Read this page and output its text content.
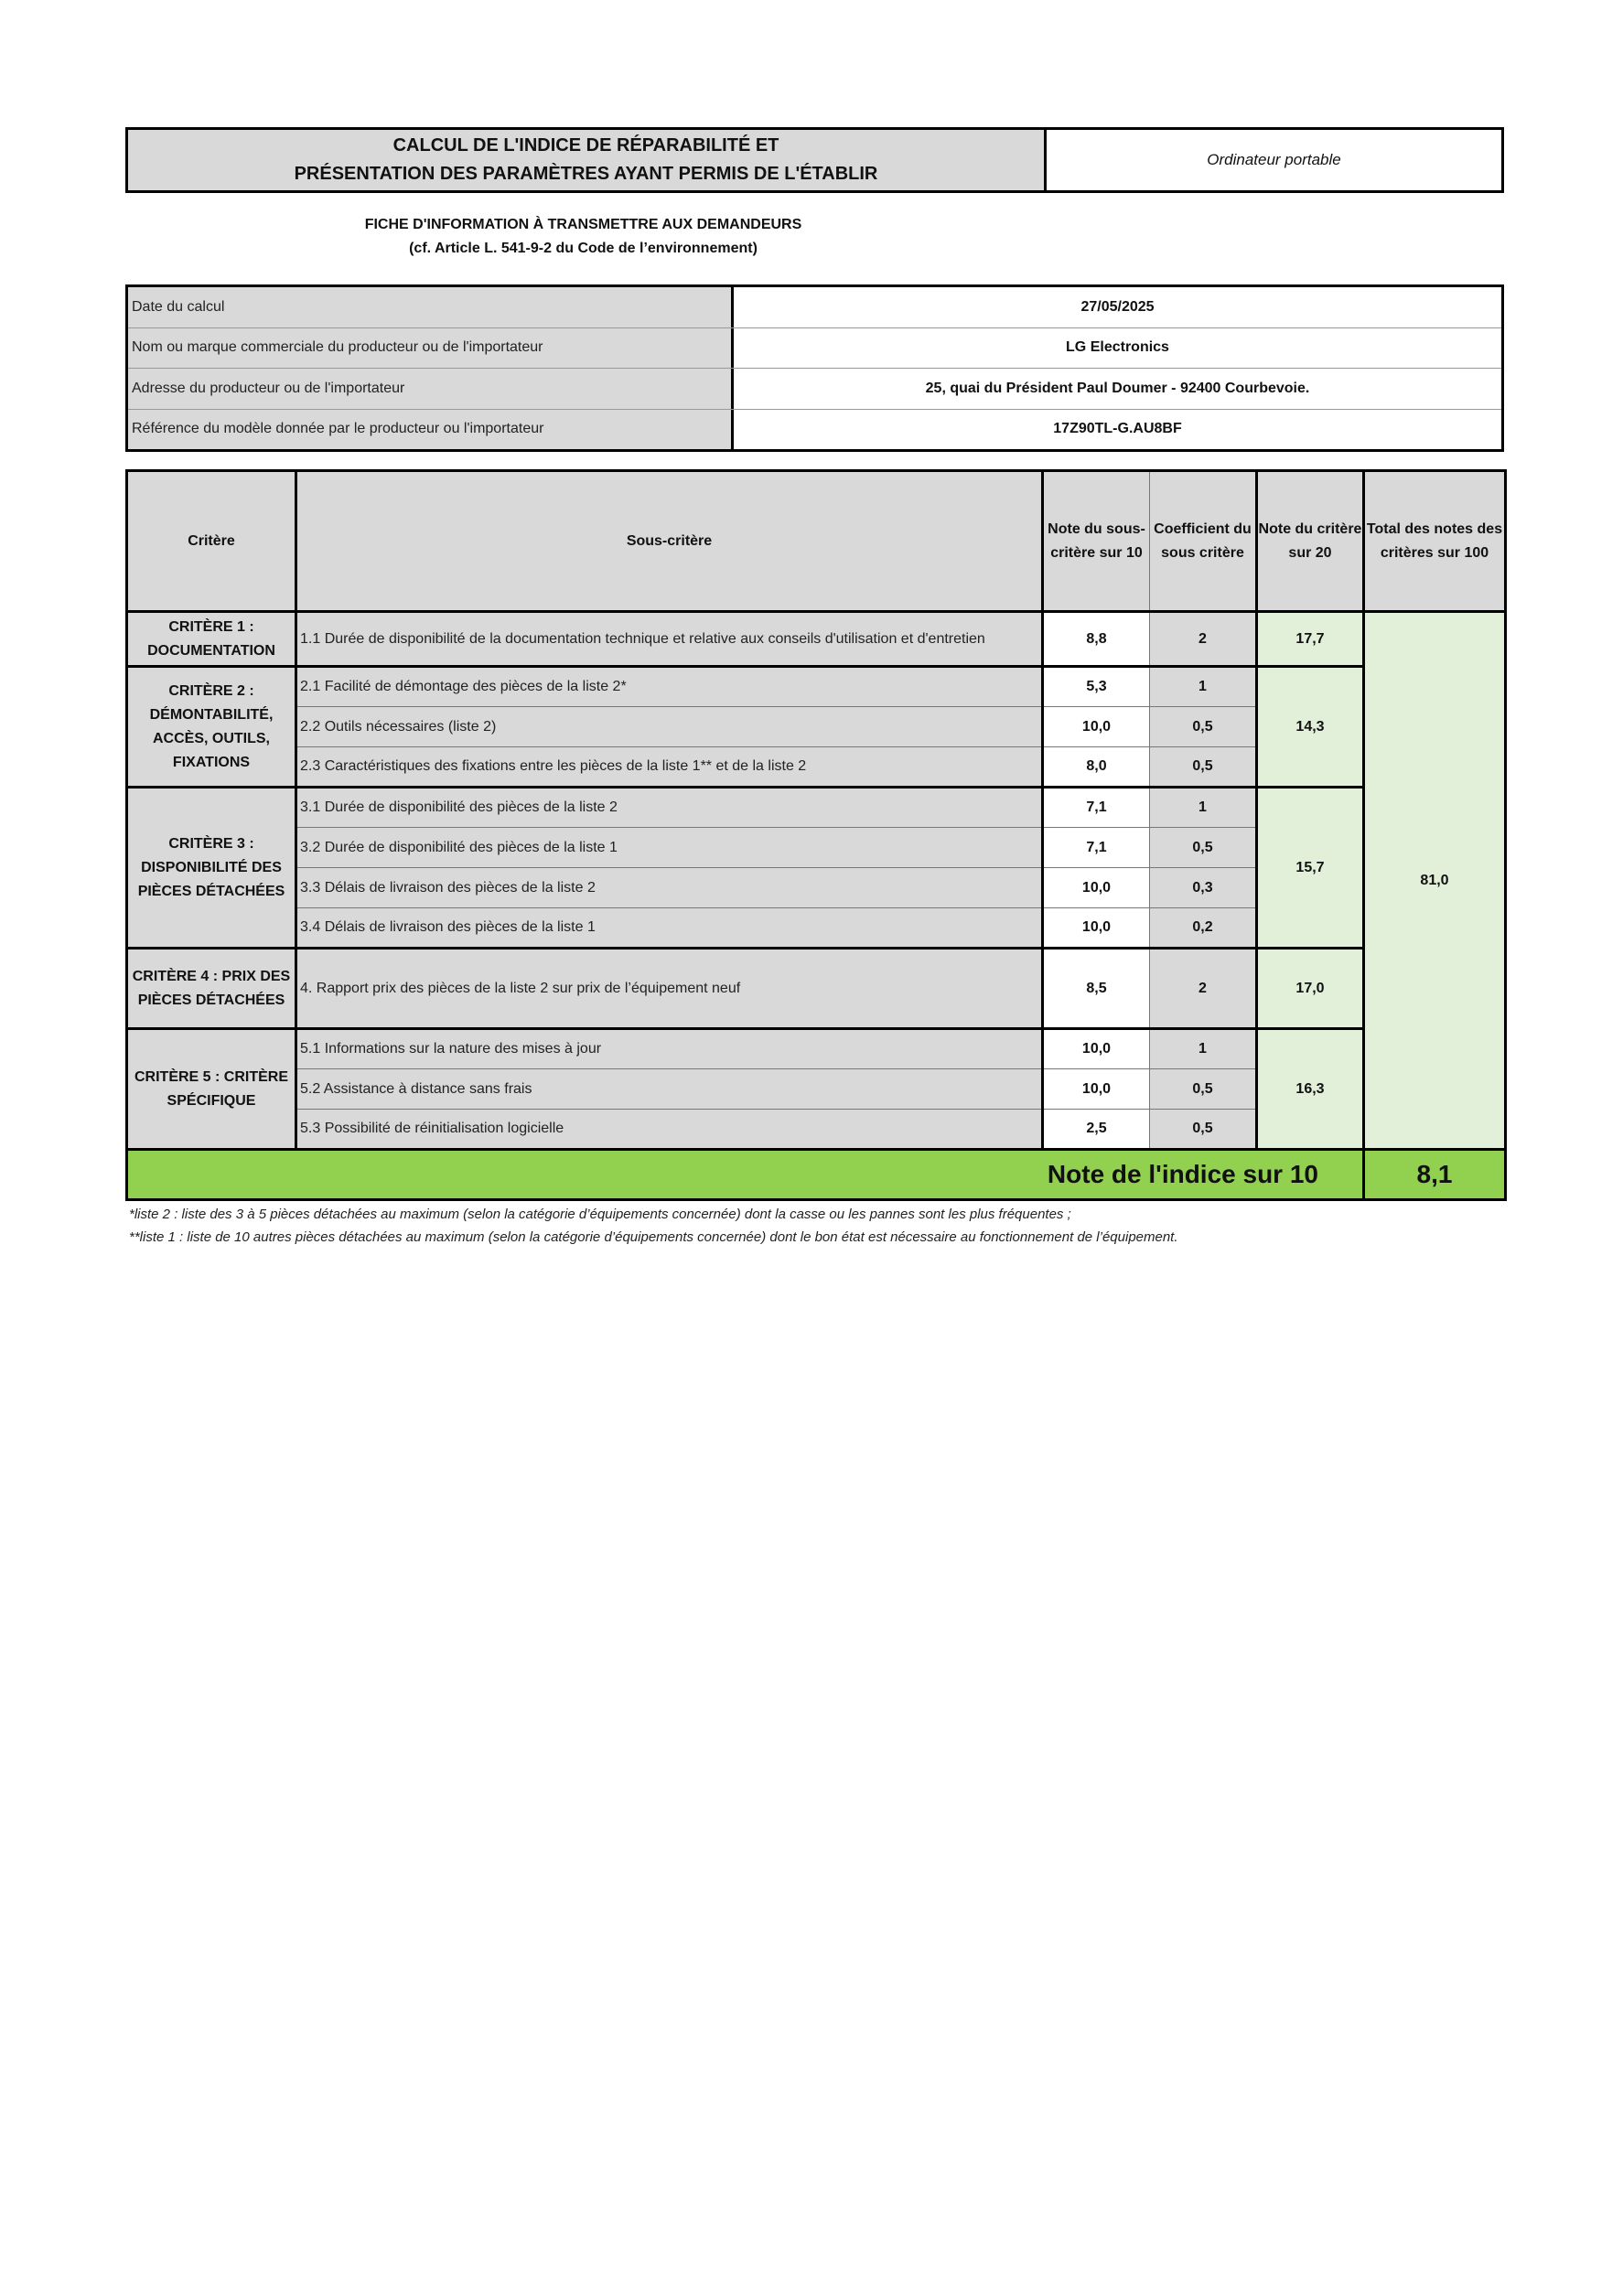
CALCUL DE L'INDICE DE RÉPARABILITÉ ET
PRÉSENTATION DES PARAMÈTRES AYANT PERMIS DE L'ÉTABLIR
Ordinateur portable
FICHE D'INFORMATION À TRANSMETTRE AUX DEMANDEURS
(cf. Article L. 541-9-2 du Code de l’environnement)
Date du calcul	27/05/2025
Nom ou marque commerciale du producteur ou de l'importateur	LG Electronics
Adresse du producteur ou de l'importateur	25, quai du Président Paul Doumer - 92400 Courbevoie.
Référence du modèle donnée par le producteur ou l'importateur	17Z90TL-G.AU8BF
Critère	Sous-critère	Note du sous-critère sur 10	Coefficient du sous critère	Note du critère sur 20	Total des notes des critères sur 100
CRITÈRE 1 : DOCUMENTATION	1.1 Durée de disponibilité de la documentation technique et relative aux conseils d'utilisation et d'entretien	8,8	2	17,7	81,0
CRITÈRE 2 : DÉMONTABILITÉ, ACCÈS, OUTILS, FIXATIONS	2.1 Facilité de démontage des pièces de la liste 2*	5,3	1	14,3	
	2.2 Outils nécessaires (liste 2)	10,0	0,5		
	2.3 Caractéristiques des fixations entre les pièces de la liste 1** et de la liste 2	8,0	0,5		
CRITÈRE 3 : DISPONIBILITÉ DES PIÈCES DÉTACHÉES	3.1 Durée de disponibilité des pièces de la liste 2	7,1	1	15,7	
	3.2 Durée de disponibilité des pièces de la liste 1	7,1	0,5		
	3.3 Délais de livraison des pièces de la liste 2	10,0	0,3		
	3.4 Délais de livraison des pièces de la liste 1	10,0	0,2		
CRITÈRE 4 : PRIX DES PIÈCES DÉTACHÉES	4. Rapport prix des pièces de la liste 2 sur prix de l’équipement neuf	8,5	2	17,0	
CRITÈRE 5 : CRITÈRE SPÉCIFIQUE	5.1 Informations sur la nature des mises à jour	10,0	1	16,3	
	5.2 Assistance à distance sans frais	10,0	0,5		
	5.3 Possibilité de réinitialisation logicielle	2,5	0,5		
Note de l'indice sur 10					8,1
*liste 2 : liste des 3 à 5 pièces détachées au maximum (selon la catégorie d’équipements concernée) dont la casse ou les pannes sont les plus fréquentes ;
**liste 1 : liste de 10 autres pièces détachées au maximum (selon la catégorie d’équipements concernée) dont le bon état est nécessaire au fonctionnement de l’équipement.
